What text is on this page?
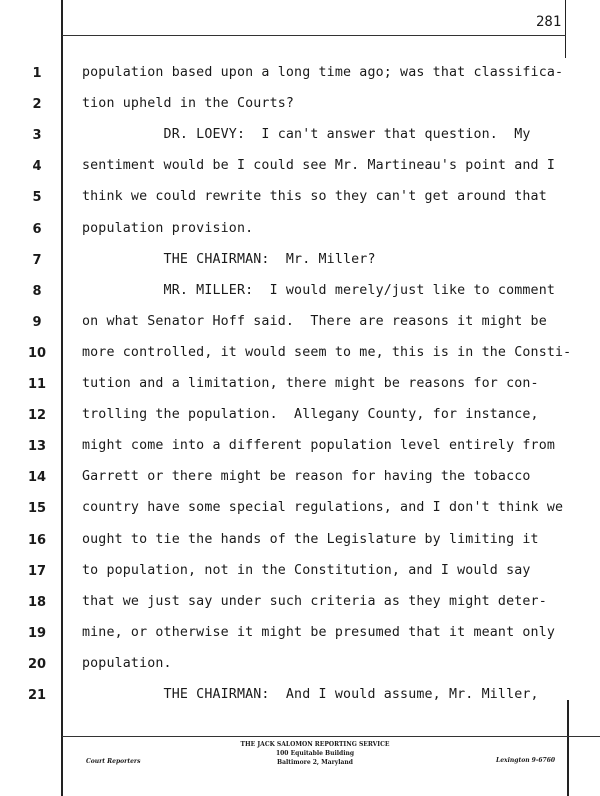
281
1	population based upon a long time ago; was that classifica-
2	tion upheld in the Courts?
3	DR. LOEVY:  I can't answer that question.  My
4	sentiment would be I could see Mr. Martineau's point and I
5	think we could rewrite this so they can't get around that
6	population provision.
7	THE CHAIRMAN:  Mr. Miller?
8	MR. MILLER:  I would merely/just like to comment
9	on what Senator Hoff said.  There are reasons it might be
10	more controlled, it would seem to me, this is in the Consti-
11	tution and a limitation, there might be reasons for con-
12	trolling the population.  Allegany County, for instance,
13	might come into a different population level entirely from
14	Garrett or there might be reason for having the tobacco
15	country have some special regulations, and I don't think we
16	ought to tie the hands of the Legislature by limiting it
17	to population, not in the Constitution, and I would say
18	that we just say under such criteria as they might deter-
19	mine, or otherwise it might be presumed that it meant only
20	population.
21	THE CHAIRMAN:  And I would assume, Mr. Miller,
Court Reporters
THE JACK SALOMON REPORTING SERVICE
100 Equitable Building
Baltimore 2, Maryland	Lexington 9-6760
